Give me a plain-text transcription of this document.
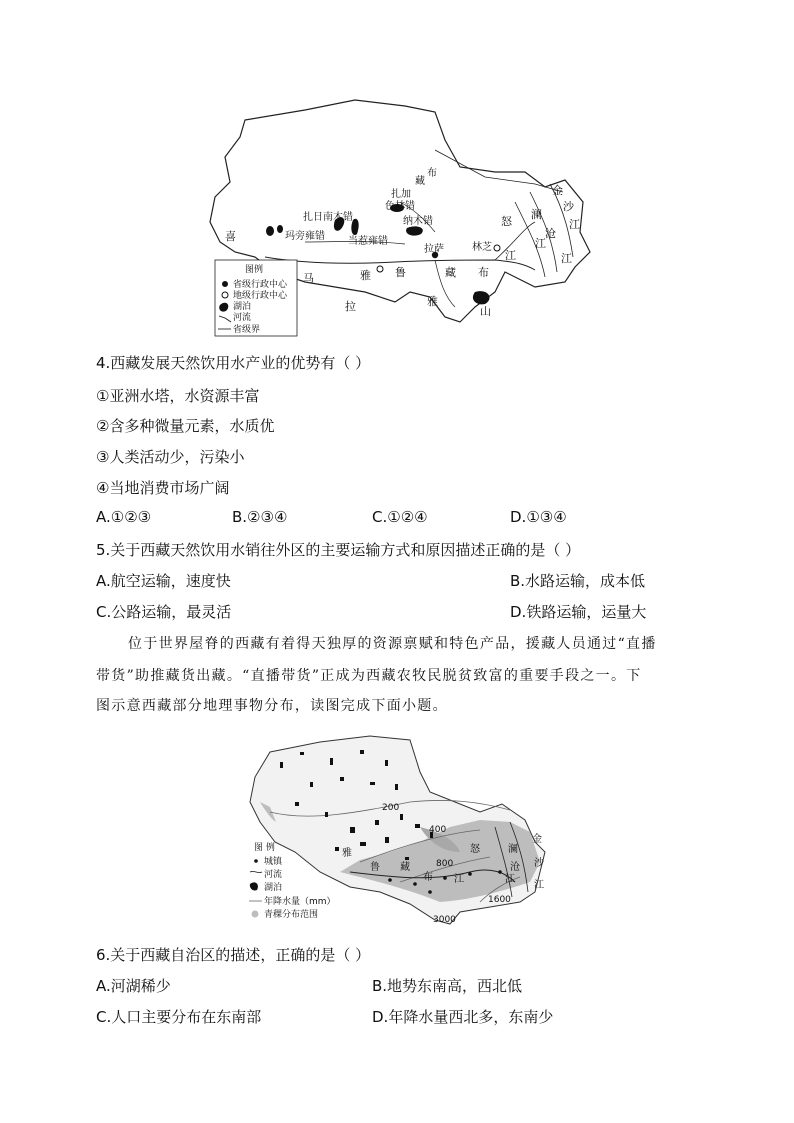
喜
马
拉
雅 鲁	藏 布
雅
山
扎加
藏
布
色林错
扎日南木错
玛旁雍错 当惹雍错
纳木错
拉萨	林芝
怒
澜
沧
江
江	江
金
沙
江
图例
省级行政中心
地级行政中心
湖泊
河流
省级界
4.西藏发展天然饮用水产业的优势有（ ）
①亚洲水塔，水资源丰富
②含多种微量元素，水质优
③人类活动少，污染小
④当地消费市场广阔
A.①②③	B.②③④	C.①②④	D.①③④
5.关于西藏天然饮用水销往外区的主要运输方式和原因描述正确的是（ ）
A.航空运输，速度快	B.水路运输，成本低
C.公路运输，最灵活	D.铁路运输，运量大
位于世界屋脊的西藏有着得天独厚的资源禀赋和特色产品，援藏人员通过“直播
带货”助推藏货出藏。“直播带货”正成为西藏农牧民脱贫致富的重要手段之一。下
图示意西藏部分地理事物分布，读图完成下面小题。
200
400
800
1600
3000
雅
鲁 藏
布 江
怒	澜
沧
江
金
沙
江
图 例
城镇
河流
湖泊
年降水量（mm）
青稞分布范围
6.关于西藏自治区的描述，正确的是（ ）
A.河湖稀少	B.地势东南高，西北低
C.人口主要分布在东南部	D.年降水量西北多，东南少
